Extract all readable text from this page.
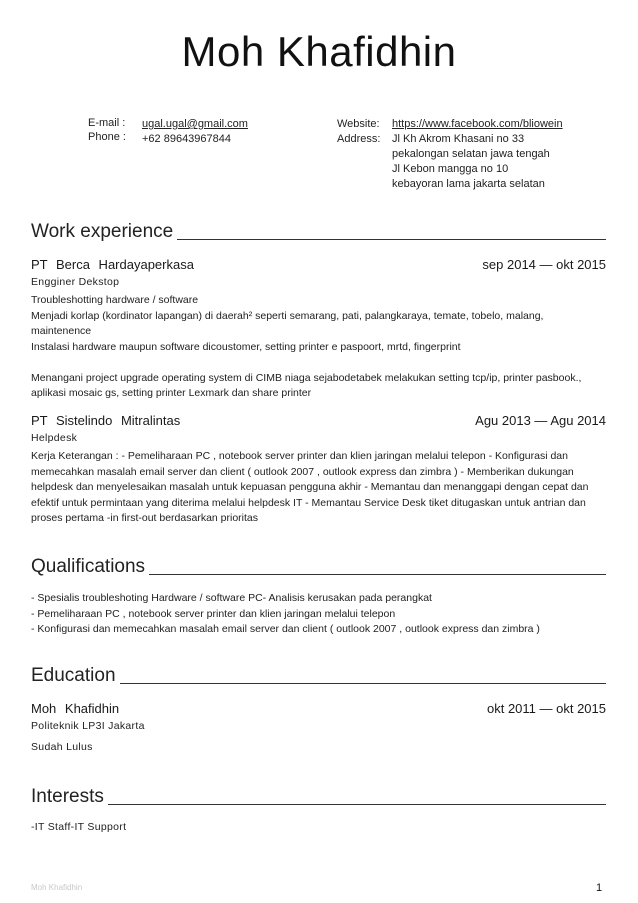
Moh Khafidhin
E-mail : ugal.ugal@gmail.com
Phone : +62 89643967844
Website: https://www.facebook.com/bliowein
Address: Jl Kh Akrom Khasani no 33
pekalongan selatan jawa tengah
Jl Kebon mangga no 10
kebayoran lama jakarta selatan
Work experience
PT Berca Hardayaperkasa	sep 2014 — okt 2015
Engginer Dekstop
Troubleshotting hardware / software
Menjadi korlap (kordinator lapangan) di daerah² seperti semarang, pati, palangkaraya, temate, tobelo, malang,
maintenence
Instalasi hardware maupun software dicoustomer, setting printer e paspoort, mrtd, fingerprint
Menangani project upgrade operating system di CIMB niaga sejabodetabek melakukan setting tcp/ip, printer pasbook.,
aplikasi mosaic gs, setting printer Lexmark dan share printer
PT Sistelindo Mitralintas	Agu 2013 — Agu 2014
Helpdesk
Kerja Keterangan : - Pemeliharaan PC , notebook server printer dan klien jaringan melalui telepon - Konfigurasi dan
memecahkan masalah email server dan client ( outlook 2007 , outlook express dan zimbra ) - Memberikan dukungan
helpdesk dan menyelesaikan masalah untuk kepuasan pengguna akhir - Memantau dan menanggapi dengan cepat dan
efektif untuk permintaan yang diterima melalui helpdesk IT - Memantau Service Desk tiket ditugaskan untuk antrian dan
proses pertama -in first-out berdasarkan prioritas
Qualifications
- Spesialis troubleshoting Hardware / software PC- Analisis kerusakan pada perangkat
- Pemeliharaan PC , notebook server printer dan klien jaringan melalui telepon
- Konfigurasi dan memecahkan masalah email server dan client ( outlook 2007 , outlook express dan zimbra )
Education
Moh Khafidhin	okt 2011 — okt 2015
Politeknik LP3I Jakarta
Sudah Lulus
Interests
-IT Staff-IT Support
Moh Khafidhin	1
